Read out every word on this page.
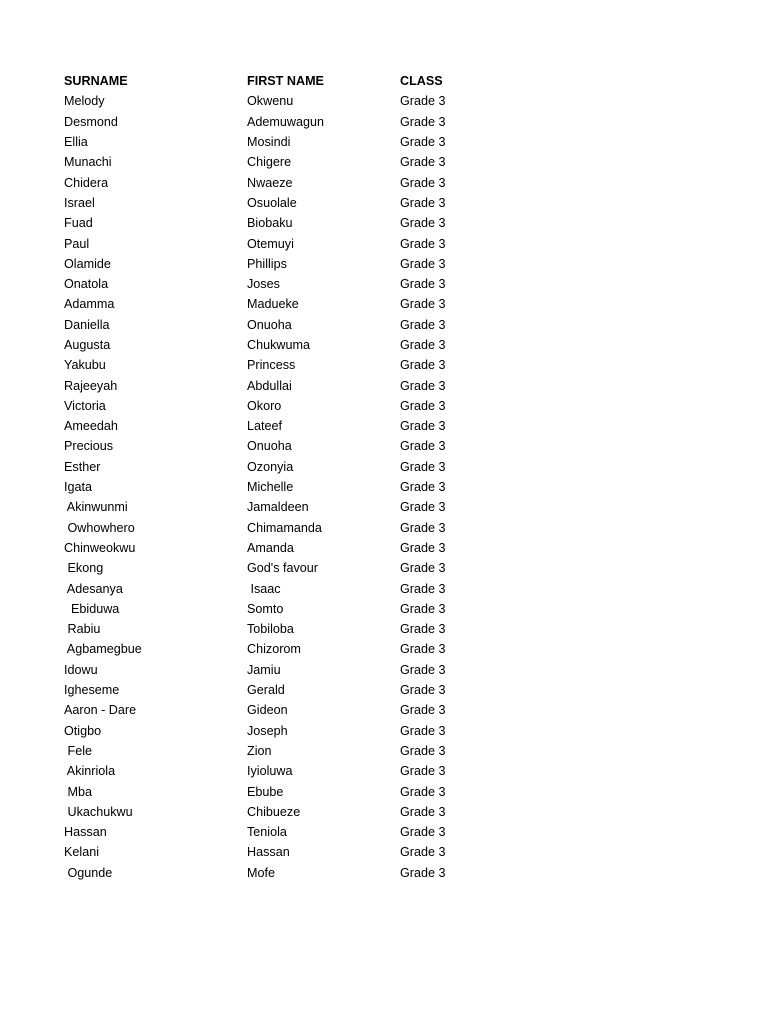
SURNAME	FIRST NAME	CLASS
Melody	Okwenu	Grade 3
Desmond	Ademuwagun	Grade 3
Ellia	Mosindi	Grade 3
Munachi	Chigere	Grade 3
Chidera	Nwaeze	Grade 3
Israel	Osuolale	Grade 3
Fuad	Biobaku	Grade 3
Paul	Otemuyi	Grade 3
Olamide	Phillips	Grade 3
Onatola	Joses	Grade 3
Adamma	Madueke	Grade 3
Daniella	Onuoha	Grade 3
Augusta	Chukwuma	Grade 3
Yakubu	Princess	Grade 3
Rajeeyah	Abdullai	Grade 3
Victoria	Okoro	Grade 3
Ameedah	Lateef	Grade 3
Precious	Onuoha	Grade 3
Esther	Ozonyia	Grade 3
Igata	Michelle	Grade 3
Akinwunmi	Jamaldeen	Grade 3
Owhowhero	Chimamanda	Grade 3
Chinweokwu	Amanda	Grade 3
Ekong	God's favour	Grade 3
Adesanya	Isaac	Grade 3
Ebiduwa	Somto	Grade 3
Rabiu	Tobiloba	Grade 3
Agbamegbue	Chizorom	Grade 3
Idowu	Jamiu	Grade 3
Igheseme	Gerald	Grade 3
Aaron - Dare	Gideon	Grade 3
Otigbo	Joseph	Grade 3
Fele	Zion	Grade 3
Akinriola	Iyioluwa	Grade 3
Mba	Ebube	Grade 3
Ukachukwu	Chibueze	Grade 3
Hassan	Teniola	Grade 3
Kelani	Hassan	Grade 3
Ogunde	Mofe	Grade 3
